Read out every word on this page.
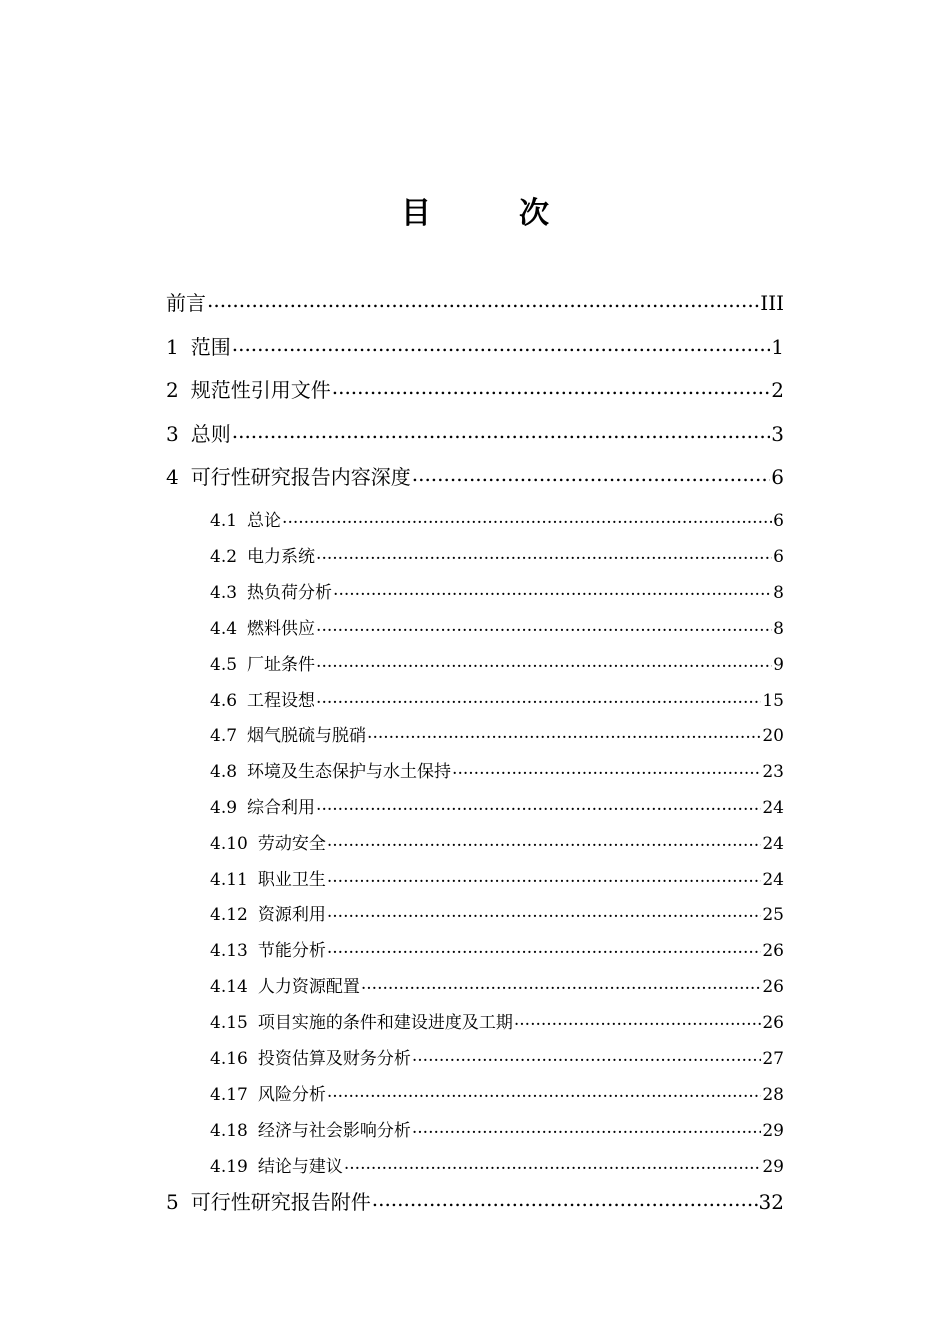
目	次
前言 .....	III
1 范围 .....	1
2 规范性引用文件 .....	2
3 总则 .....	3
4 可行性研究报告内容深度 .....	6
4.1 总论 .....	6
4.2 电力系统 .....	6
4.3 热负荷分析 .....	8
4.4 燃料供应 .....	8
4.5 厂址条件 .....	9
4.6 工程设想 .....	15
4.7 烟气脱硫与脱硝 .....	20
4.8 环境及生态保护与水土保持 .....	23
4.9 综合利用 .....	24
4.10 劳动安全 .....	24
4.11 职业卫生 .....	24
4.12 资源利用 .....	25
4.13 节能分析 .....	26
4.14 人力资源配置 .....	26
4.15 项目实施的条件和建设进度及工期 .....	26
4.16 投资估算及财务分析 .....	27
4.17 风险分析 .....	28
4.18 经济与社会影响分析 .....	29
4.19 结论与建议 .....	29
5 可行性研究报告附件 .....	32
